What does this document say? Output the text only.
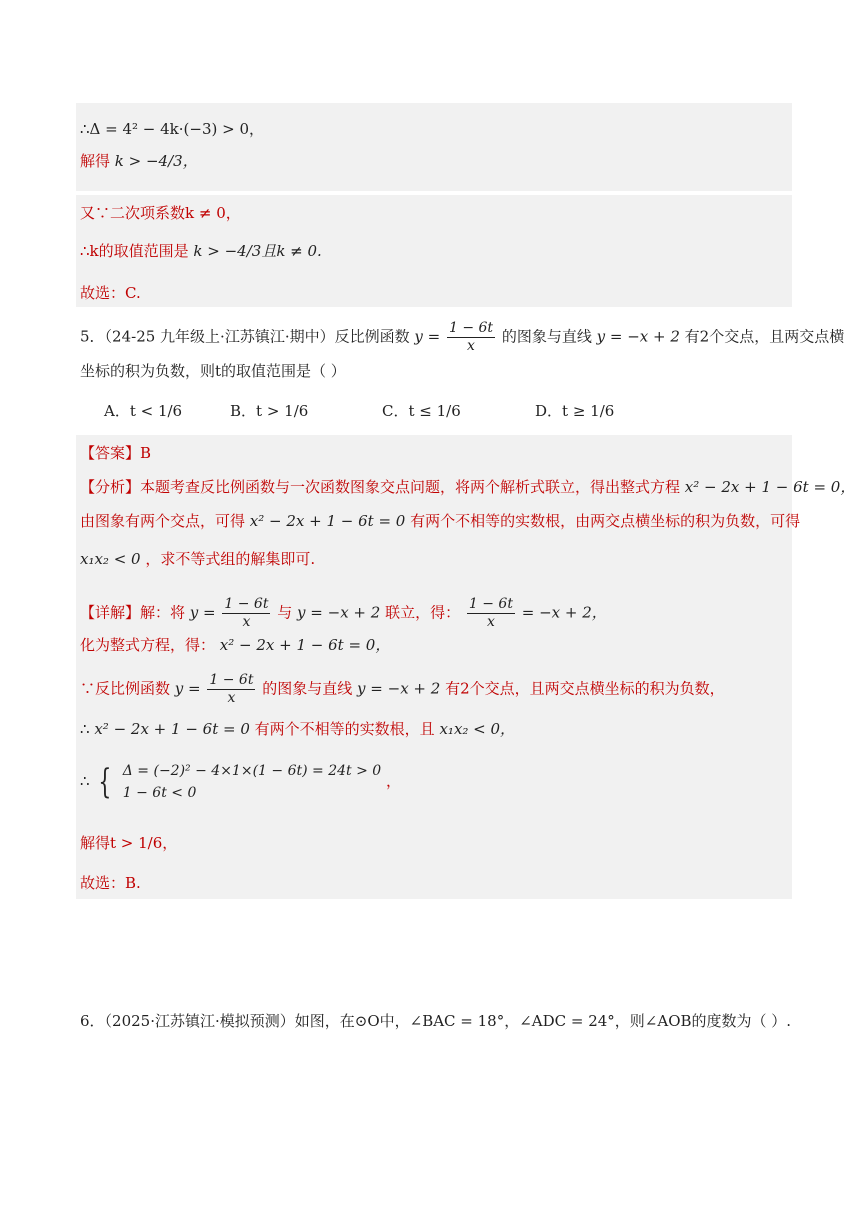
∴Δ = 4² − 4k·(−3) > 0，
解得 k > −4/3，
又∵二次项系数k ≠ 0，
∴k的取值范围是 k > −4/3且k ≠ 0.
故选：C.
5．（24-25 九年级上·江苏镇江·期中）反比例函数 $y = \frac{1 - 6t}{x}$ 的图象与直线 y = −x + 2 有2个交点，且两交点横
坐标的积为负数，则t的取值范围是（ ）
A．t < 1/6	B．t > 1/6	C．t ≤ 1/6	D．t ≥ 1/6
【答案】B
【分析】本题考查反比例函数与一次函数图象交点问题，将两个解析式联立，得出整式方程 x² − 2x + 1 − 6t = 0，
由图象有两个交点，可得 x² − 2x + 1 − 6t = 0 有两个不相等的实数根，由两交点横坐标的积为负数，可得
x₁x₂ < 0 ，求不等式组的解集即可.
【详解】解：将 $y = \frac{1 - 6t}{x}$ 与 y = −x + 2 联立，得： $\frac{1 - 6t}{x} = -x + 2$，
化为整式方程，得： x² − 2x + 1 − 6t = 0，
∵反比例函数 $y = \frac{1 - 6t}{x}$ 的图象与直线 y = −x + 2 有2个交点，且两交点横坐标的积为负数，
∴ x² − 2x + 1 − 6t = 0 有两个不相等的实数根，且 x₁x₂ < 0，
∴ { Δ = (−2)² − 4×1×(1 − 6t) = 24t > 0
1 − 6t < 0
，
解得t > 1/6，
故选：B.
6．（2025·江苏镇江·模拟预测）如图，在⊙O中，∠BAC = 18°，∠ADC = 24°，则∠AOB的度数为（ ）.
